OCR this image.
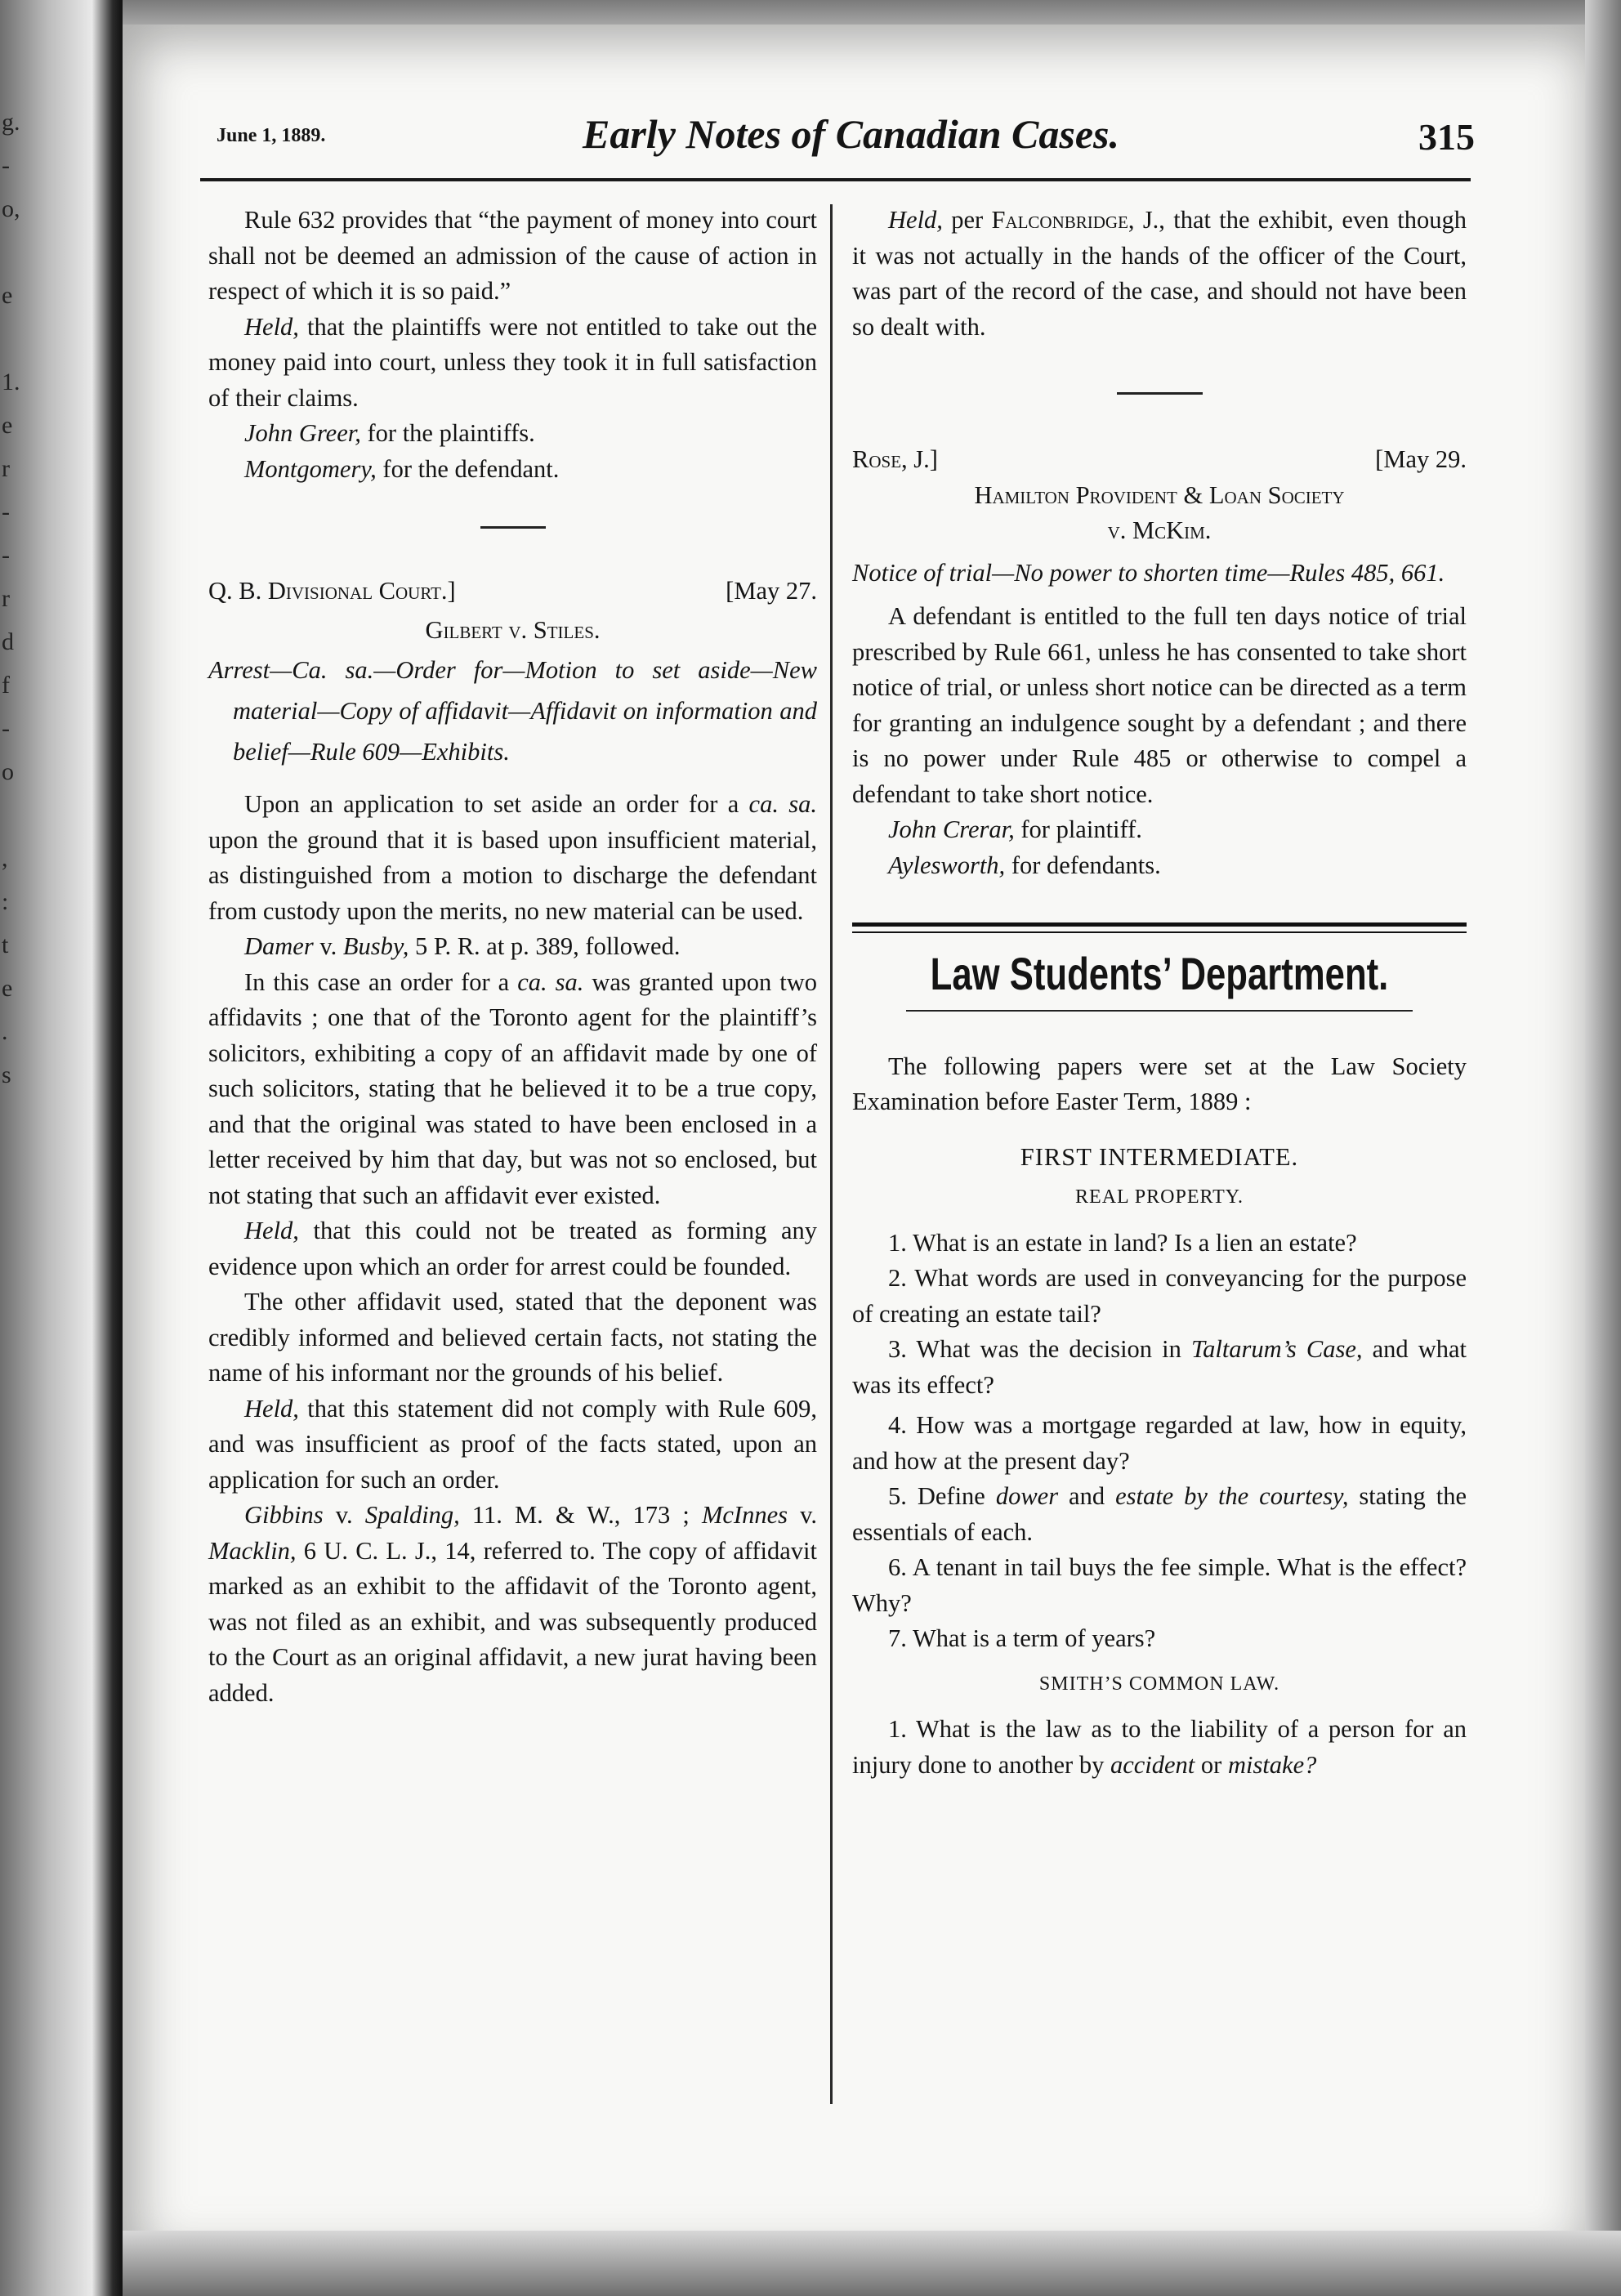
g.
-
o,
e
1.
e
r
-
-
r
d
f
-
o
,
:
t
e
.
s
June 1, 1889.	Early Notes of Canadian Cases.	315

Rule 632 provides that “the payment of money into court shall not be deemed an admission of the cause of action in respect of which it is so paid.”

Held, that the plaintiffs were not entitled to take out the money paid into court, unless they took it in full satisfaction of their claims.

John Greer, for the plaintiffs.

Montgomery, for the defendant.

Q. B. Divisional Court.]	[May 27.

Gilbert v. Stiles.

Arrest—Ca. sa.—Order for—Motion to set aside—New material—Copy of affidavit—Affidavit on information and belief—Rule 609—Exhibits.

Upon an application to set aside an order for a ca. sa. upon the ground that it is based upon insufficient material, as distinguished from a motion to discharge the defendant from custody upon the merits, no new material can be used.

Damer v. Busby, 5 P. R. at p. 389, followed.

In this case an order for a ca. sa. was granted upon two affidavits ; one that of the Toronto agent for the plaintiff’s solicitors, exhibiting a copy of an affidavit made by one of such solicitors, stating that he believed it to be a true copy, and that the original was stated to have been enclosed in a letter received by him that day, but was not so enclosed, but not stating that such an affidavit ever existed.

Held, that this could not be treated as forming any evidence upon which an order for arrest could be founded.

The other affidavit used, stated that the deponent was credibly informed and believed certain facts, not stating the name of his informant nor the grounds of his belief.

Held, that this statement did not comply with Rule 609, and was insufficient as proof of the facts stated, upon an application for such an order.

Gibbins v. Spalding, 11. M. & W., 173 ; McInnes v. Macklin, 6 U. C. L. J., 14, referred to. The copy of affidavit marked as an exhibit to the affidavit of the Toronto agent, was not filed as an exhibit, and was subsequently produced to the Court as an original affidavit, a new jurat having been added.

Held, per Falconbridge, J., that the exhibit, even though it was not actually in the hands of the officer of the Court, was part of the record of the case, and should not have been so dealt with.

Rose, J.]	[May 29.

Hamilton Provident & Loan Society

v. McKim.

Notice of trial—No power to shorten time—Rules 485, 661.

A defendant is entitled to the full ten days notice of trial prescribed by Rule 661, unless he has consented to take short notice of trial, or unless short notice can be directed as a term for granting an indulgence sought by a defendant ; and there is no power under Rule 485 or otherwise to compel a defendant to take short notice.

John Crerar, for plaintiff.

Aylesworth, for defendants.

Law Students’ Department.

The following papers were set at the Law Society Examination before Easter Term, 1889 :

FIRST INTERMEDIATE.

REAL PROPERTY.

1. What is an estate in land? Is a lien an estate?

2. What words are used in conveyancing for the purpose of creating an estate tail?

3. What was the decision in Taltarum’s Case, and what was its effect?

4. How was a mortgage regarded at law, how in equity, and how at the present day?

5. Define dower and estate by the courtesy, stating the essentials of each.

6. A tenant in tail buys the fee simple. What is the effect? Why?

7. What is a term of years?

SMITH’S COMMON LAW.

1. What is the law as to the liability of a person for an injury done to another by accident or mistake?
